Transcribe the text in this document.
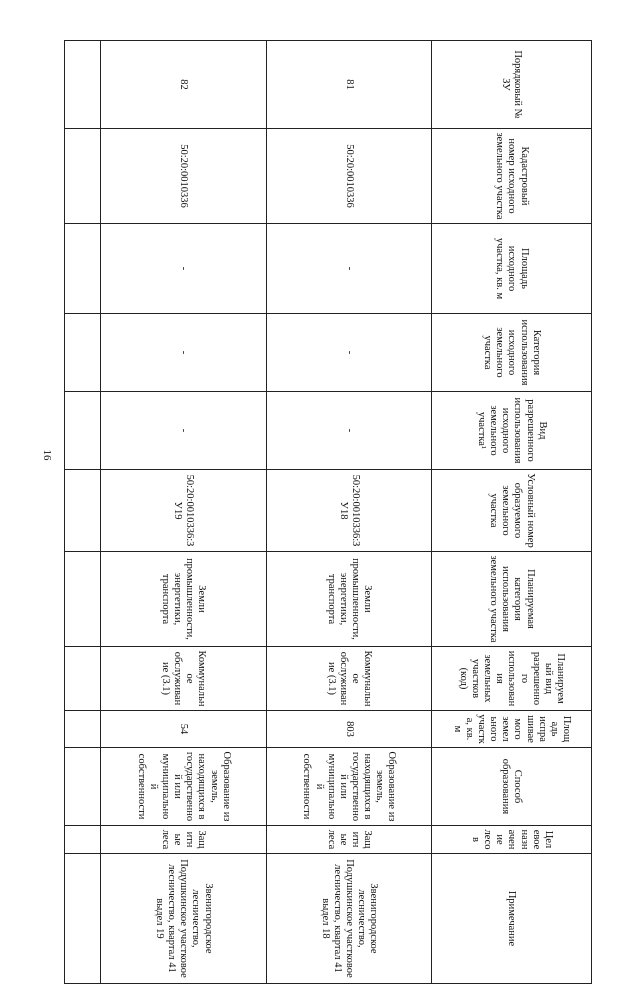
16
Порядковый № ЗУ	Кадастровый номер исходного земельного участка	Площадь исходного участка, кв. м	Категория использования исходного земельного участка	Вид разрешенного использования исходного земельного участка¹	Условный номер образуемого земельного участка	Планируемая категория использования земельного участка	Планируемый вид разрешенного использования земельных участков (код)	Площадь испрашиваемого земельного участка, кв. м	Способ образования	Целевое назначение лесов	Примечание
81	50:20:0010336	-	-	-	50:20:0010336:ЗУ18	Земли промышленности, энергетики, транспорта	Коммунальное обслуживание (3.1)	803	Образование из земель, находящихся в государственной или муниципальной собственности	Защитные леса	Звенигородское лесничество, Подушкинское участковое лесничество, квартал 41 выдел 18
82	50:20:0010336	-	-	-	50:20:0010336:ЗУ19	Земли промышленности, энергетики, транспорта	Коммунальное обслуживание (3.1)	54	Образование из земель, находящихся в государственной или муниципальной собственности	Защитные леса	Звенигородское лесничество, Подушкинское участковое лесничество, квартал 41 выдел 19
